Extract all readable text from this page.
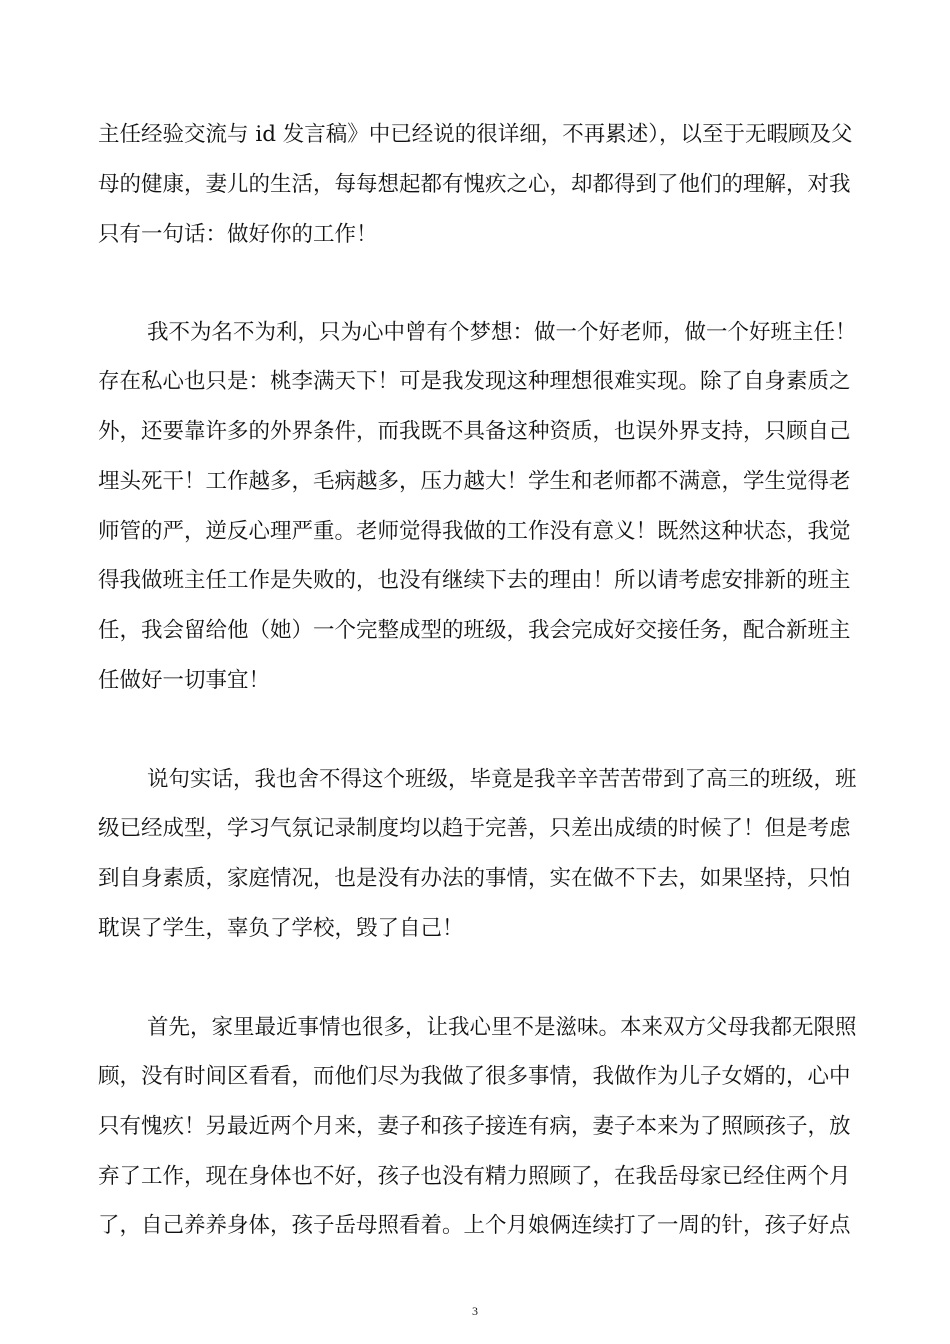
主任经验交流与 id 发言稿》中已经说的很详细，不再累述），以至于无暇顾及父
母的健康，妻儿的生活，每每想起都有愧疚之心，却都得到了他们的理解，对我
只有一句话：做好你的工作！
我不为名不为利，只为心中曾有个梦想：做一个好老师，做一个好班主任！
存在私心也只是：桃李满天下！可是我发现这种理想很难实现。除了自身素质之
外，还要靠许多的外界条件，而我既不具备这种资质，也误外界支持，只顾自己
埋头死干！工作越多，毛病越多，压力越大！学生和老师都不满意，学生觉得老
师管的严，逆反心理严重。老师觉得我做的工作没有意义！既然这种状态，我觉
得我做班主任工作是失败的，也没有继续下去的理由！所以请考虑安排新的班主
任，我会留给他（她）一个完整成型的班级，我会完成好交接任务，配合新班主
任做好一切事宜！
说句实话，我也舍不得这个班级，毕竟是我辛辛苦苦带到了高三的班级，班
级已经成型，学习气氛记录制度均以趋于完善，只差出成绩的时候了！但是考虑
到自身素质，家庭情况，也是没有办法的事情，实在做不下去，如果坚持，只怕
耽误了学生，辜负了学校，毁了自己！
首先，家里最近事情也很多，让我心里不是滋味。本来双方父母我都无限照
顾，没有时间区看看，而他们尽为我做了很多事情，我做作为儿子女婿的，心中
只有愧疚！另最近两个月来，妻子和孩子接连有病，妻子本来为了照顾孩子，放
弃了工作，现在身体也不好，孩子也没有精力照顾了，在我岳母家已经住两个月
了，自己养养身体，孩子岳母照看着。上个月娘俩连续打了一周的针，孩子好点
3
